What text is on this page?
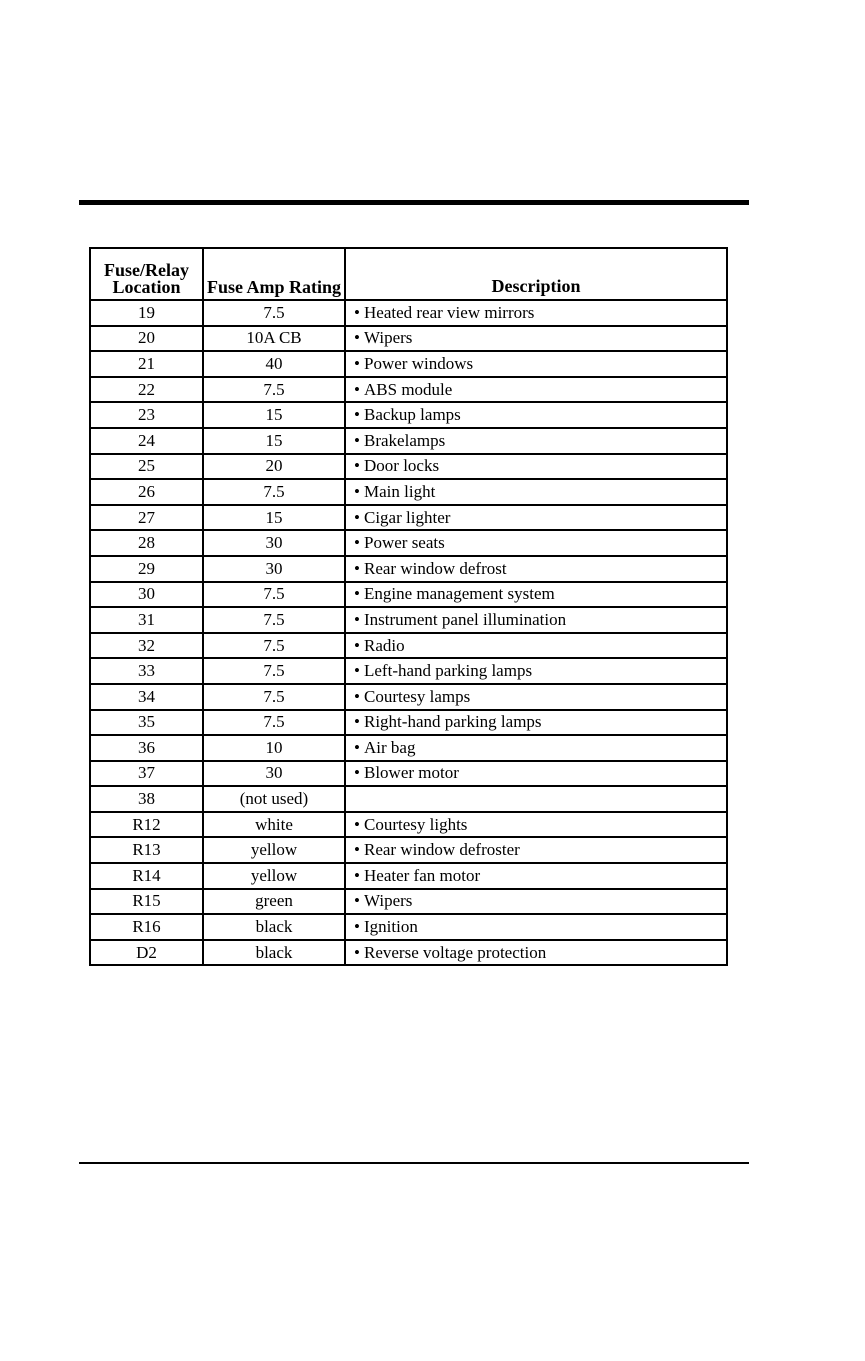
Fuse/Relay Location	Fuse Amp Rating	Description
19	7.5	• Heated rear view mirrors
20	10A CB	• Wipers
21	40	• Power windows
22	7.5	• ABS module
23	15	• Backup lamps
24	15	• Brakelamps
25	20	• Door locks
26	7.5	• Main light
27	15	• Cigar lighter
28	30	• Power seats
29	30	• Rear window defrost
30	7.5	• Engine management system
31	7.5	• Instrument panel illumination
32	7.5	• Radio
33	7.5	• Left-hand parking lamps
34	7.5	• Courtesy lamps
35	7.5	• Right-hand parking lamps
36	10	• Air bag
37	30	• Blower motor
38	(not used)	
R12	white	• Courtesy lights
R13	yellow	• Rear window defroster
R14	yellow	• Heater fan motor
R15	green	• Wipers
R16	black	• Ignition
D2	black	• Reverse voltage protection
